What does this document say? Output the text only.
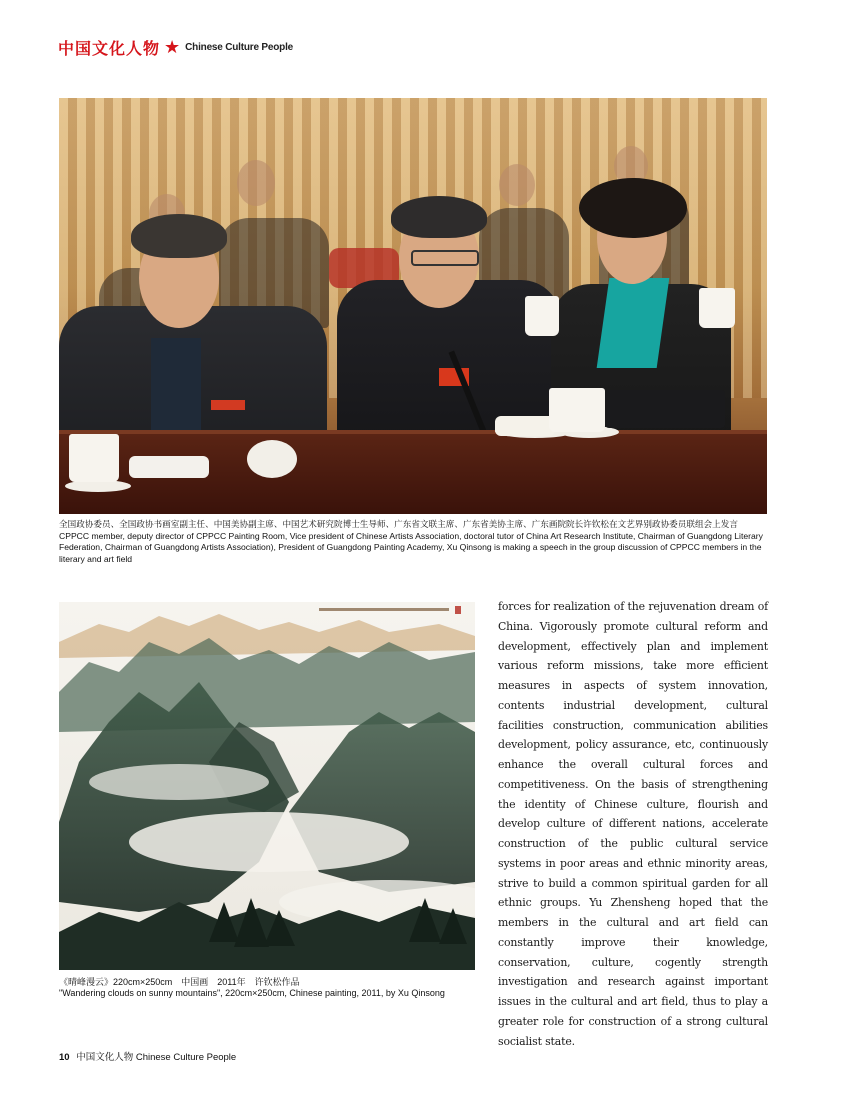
中国文化人物 ★ Chinese Culture People

全国政协委员、全国政协书画室副主任、中国美协副主席、中国艺术研究院博士生导师、广东省文联主席、广东省美协主席、广东画院院长许钦松在文艺界别政协委员联组会上发言

CPPCC member, deputy director of CPPCC Painting Room, Vice president of Chinese Artists Association, doctoral tutor of China Art Research Institute, Chairman of Guangdong Literary Federation, Chairman of Guangdong Artists Association), President of Guangdong Painting Academy, Xu Qinsong is making a speech in the group discussion of CPPCC members in the literary and art field

《晴峰漫云》220cm×250cm　中国画　2011年　许钦松作品

"Wandering clouds on sunny mountains", 220cm×250cm, Chinese painting, 2011, by Xu Qinsong

forces for realization of the rejuvenation dream of China. Vigorously promote cultural reform and development, effectively plan and implement various reform missions, take more efficient measures in aspects of system innovation, contents industrial development, cultural facilities construction, communication abilities development, policy assurance, etc, continuously enhance the overall cultural forces and competitiveness. On the basis of strengthening the identity of Chinese culture, flourish and develop culture of different nations, accelerate construction of the public cultural service systems in poor areas and ethnic minority areas, strive to build a common spiritual garden for all ethnic groups. Yu Zhensheng hoped that the members in the cultural and art field can constantly improve their knowledge, conservation, culture, cogently strength investigation and research against important issues in the cultural and art field, thus to play a greater role for construction of a strong cultural socialist state.
10 中国文化人物 Chinese Culture People
